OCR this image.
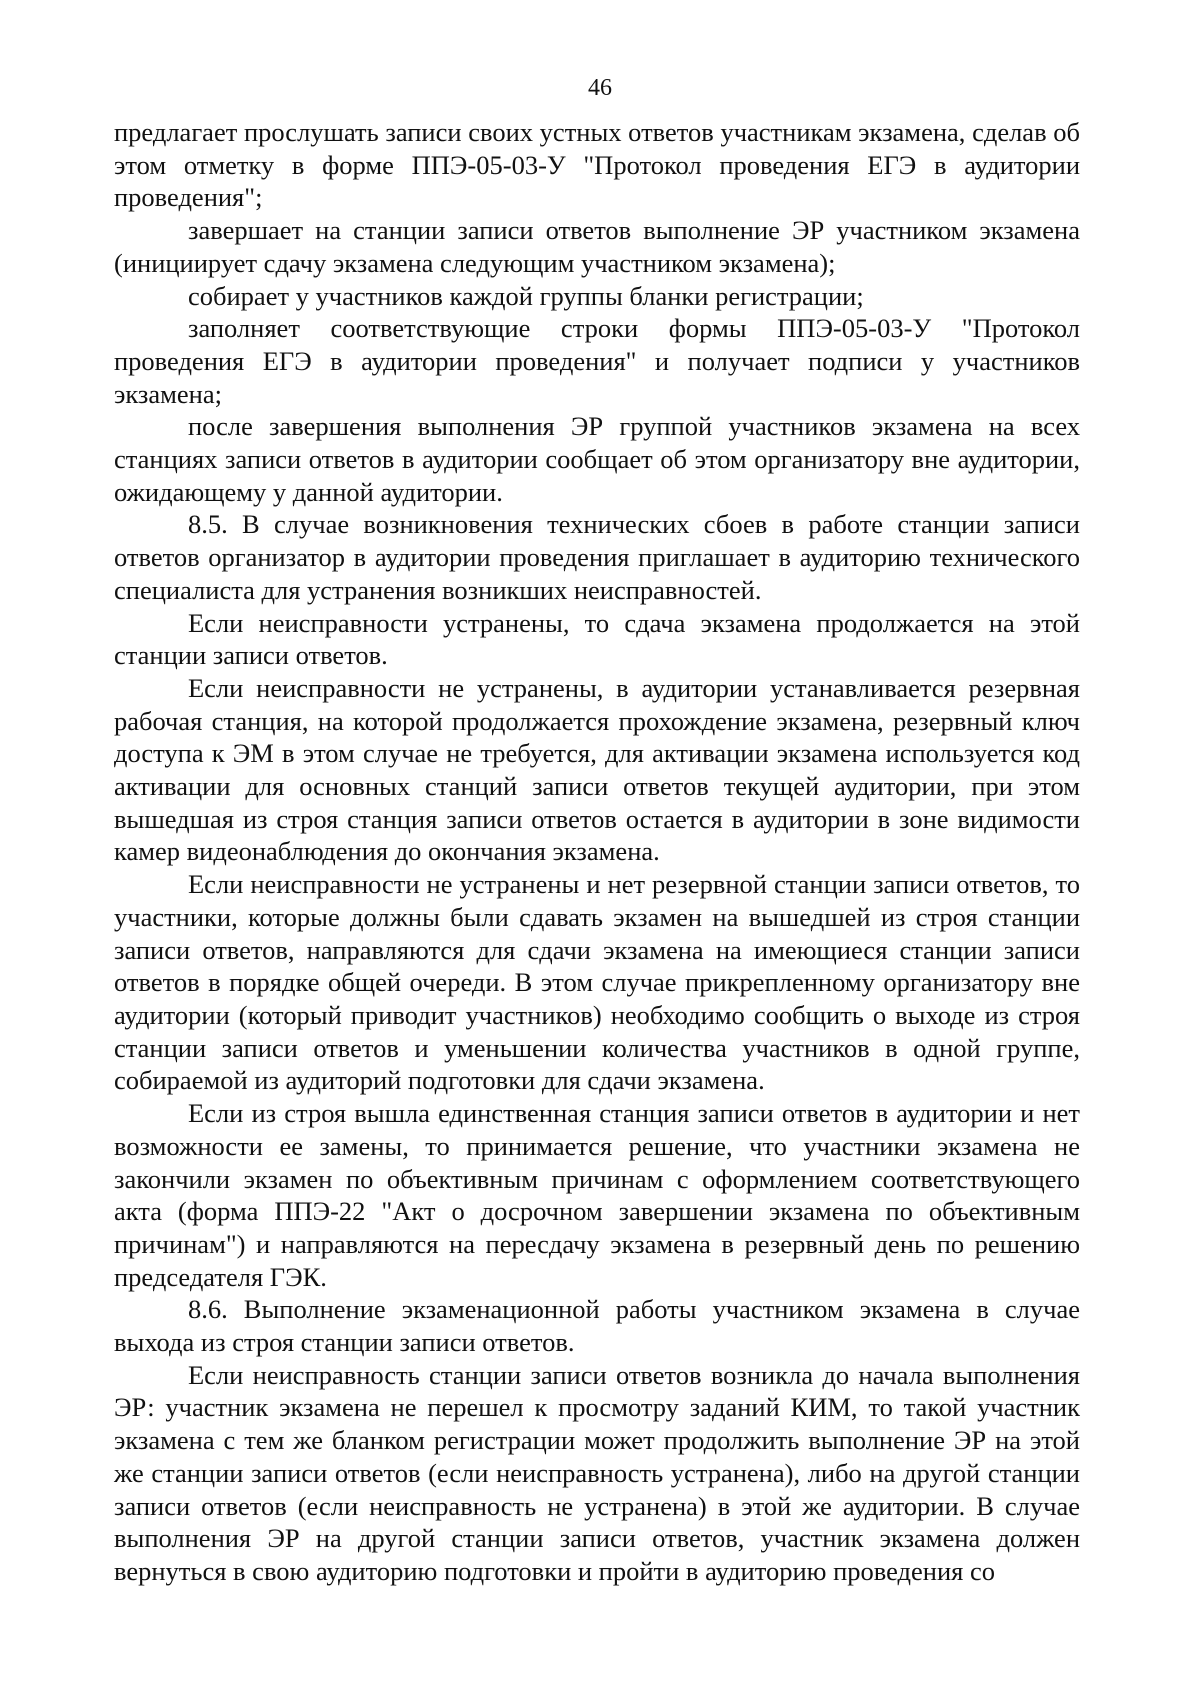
46

предлагает прослушать записи своих устных ответов участникам экзамена, сделав об этом отметку в форме ППЭ-05-03-У "Протокол проведения ЕГЭ в аудитории проведения";

завершает на станции записи ответов выполнение ЭР участником экзамена (инициирует сдачу экзамена следующим участником экзамена);

собирает у участников каждой группы бланки регистрации;

заполняет соответствующие строки формы ППЭ-05-03-У "Протокол проведения ЕГЭ в аудитории проведения" и получает подписи у участников экзамена;

после завершения выполнения ЭР группой участников экзамена на всех станциях записи ответов в аудитории сообщает об этом организатору вне аудитории, ожидающему у данной аудитории.

8.5. В случае возникновения технических сбоев в работе станции записи ответов организатор в аудитории проведения приглашает в аудиторию технического специалиста для устранения возникших неисправностей.

Если неисправности устранены, то сдача экзамена продолжается на этой станции записи ответов.

Если неисправности не устранены, в аудитории устанавливается резервная рабочая станция, на которой продолжается прохождение экзамена, резервный ключ доступа к ЭМ в этом случае не требуется, для активации экзамена используется код активации для основных станций записи ответов текущей аудитории, при этом вышедшая из строя станция записи ответов остается в аудитории в зоне видимости камер видеонаблюдения до окончания экзамена.

Если неисправности не устранены и нет резервной станции записи ответов, то участники, которые должны были сдавать экзамен на вышедшей из строя станции записи ответов, направляются для сдачи экзамена на имеющиеся станции записи ответов в порядке общей очереди. В этом случае прикрепленному организатору вне аудитории (который приводит участников) необходимо сообщить о выходе из строя станции записи ответов и уменьшении количества участников в одной группе, собираемой из аудиторий подготовки для сдачи экзамена.

Если из строя вышла единственная станция записи ответов в аудитории и нет возможности ее замены, то принимается решение, что участники экзамена не закончили экзамен по объективным причинам с оформлением соответствующего акта (форма ППЭ-22 "Акт о досрочном завершении экзамена по объективным причинам") и направляются на пересдачу экзамена в резервный день по решению председателя ГЭК.

8.6. Выполнение экзаменационной работы участником экзамена в случае выхода из строя станции записи ответов.

Если неисправность станции записи ответов возникла до начала выполнения ЭР: участник экзамена не перешел к просмотру заданий КИМ, то такой участник экзамена с тем же бланком регистрации может продолжить выполнение ЭР на этой же станции записи ответов (если неисправность устранена), либо на другой станции записи ответов (если неисправность не устранена) в этой же аудитории. В случае выполнения ЭР на другой станции записи ответов, участник экзамена должен вернуться в свою аудиторию подготовки и пройти в аудиторию проведения со
